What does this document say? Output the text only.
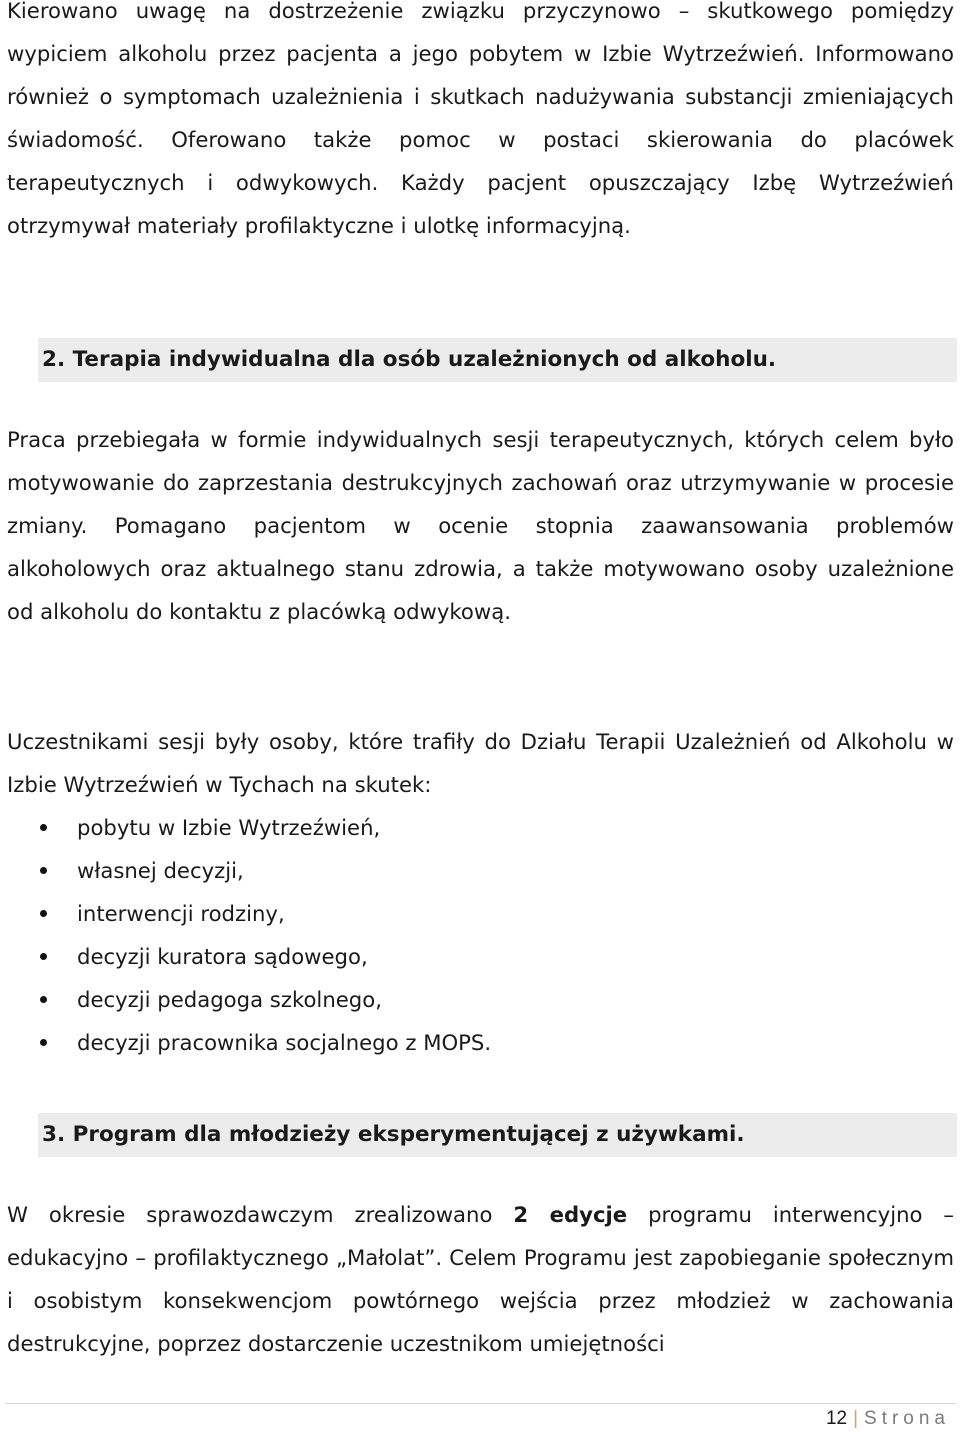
Kierowano uwagę na dostrzeżenie związku przyczynowo – skutkowego pomiędzy wypiciem alkoholu przez pacjenta a jego pobytem w Izbie Wytrzeźwień. Informowano również o symptomach uzależnienia i skutkach nadużywania substancji zmieniających świadomość. Oferowano także pomoc w postaci skierowania do placówek terapeutycznych i odwykowych. Każdy pacjent opuszczający Izbę Wytrzeźwień otrzymywał materiały profilaktyczne i ulotkę informacyjną.

2. Terapia indywidualna dla osób uzależnionych od alkoholu.

Praca przebiegała w formie indywidualnych sesji terapeutycznych, których celem było motywowanie do zaprzestania destrukcyjnych zachowań oraz utrzymywanie w procesie zmiany. Pomagano pacjentom w ocenie stopnia zaawansowania problemów alkoholowych oraz aktualnego stanu zdrowia, a także motywowano osoby uzależnione od alkoholu do kontaktu z placówką odwykową.

Uczestnikami sesji były osoby, które trafiły do Działu Terapii Uzależnień od Alkoholu w Izbie Wytrzeźwień w Tychach na skutek:

pobytu w Izbie Wytrzeźwień,
własnej decyzji,
interwencji rodziny,
decyzji kuratora sądowego,
decyzji pedagoga szkolnego,
decyzji pracownika socjalnego z MOPS.
3. Program dla młodzieży eksperymentującej z używkami.

W okresie sprawozdawczym zrealizowano 2 edycje programu interwencyjno – edukacyjno – profilaktycznego „Małolat”. Celem Programu jest zapobieganie społecznym i osobistym konsekwencjom powtórnego wejścia przez młodzież w zachowania destrukcyjne, poprzez dostarczenie uczestnikom umiejętności

12 | Strona
